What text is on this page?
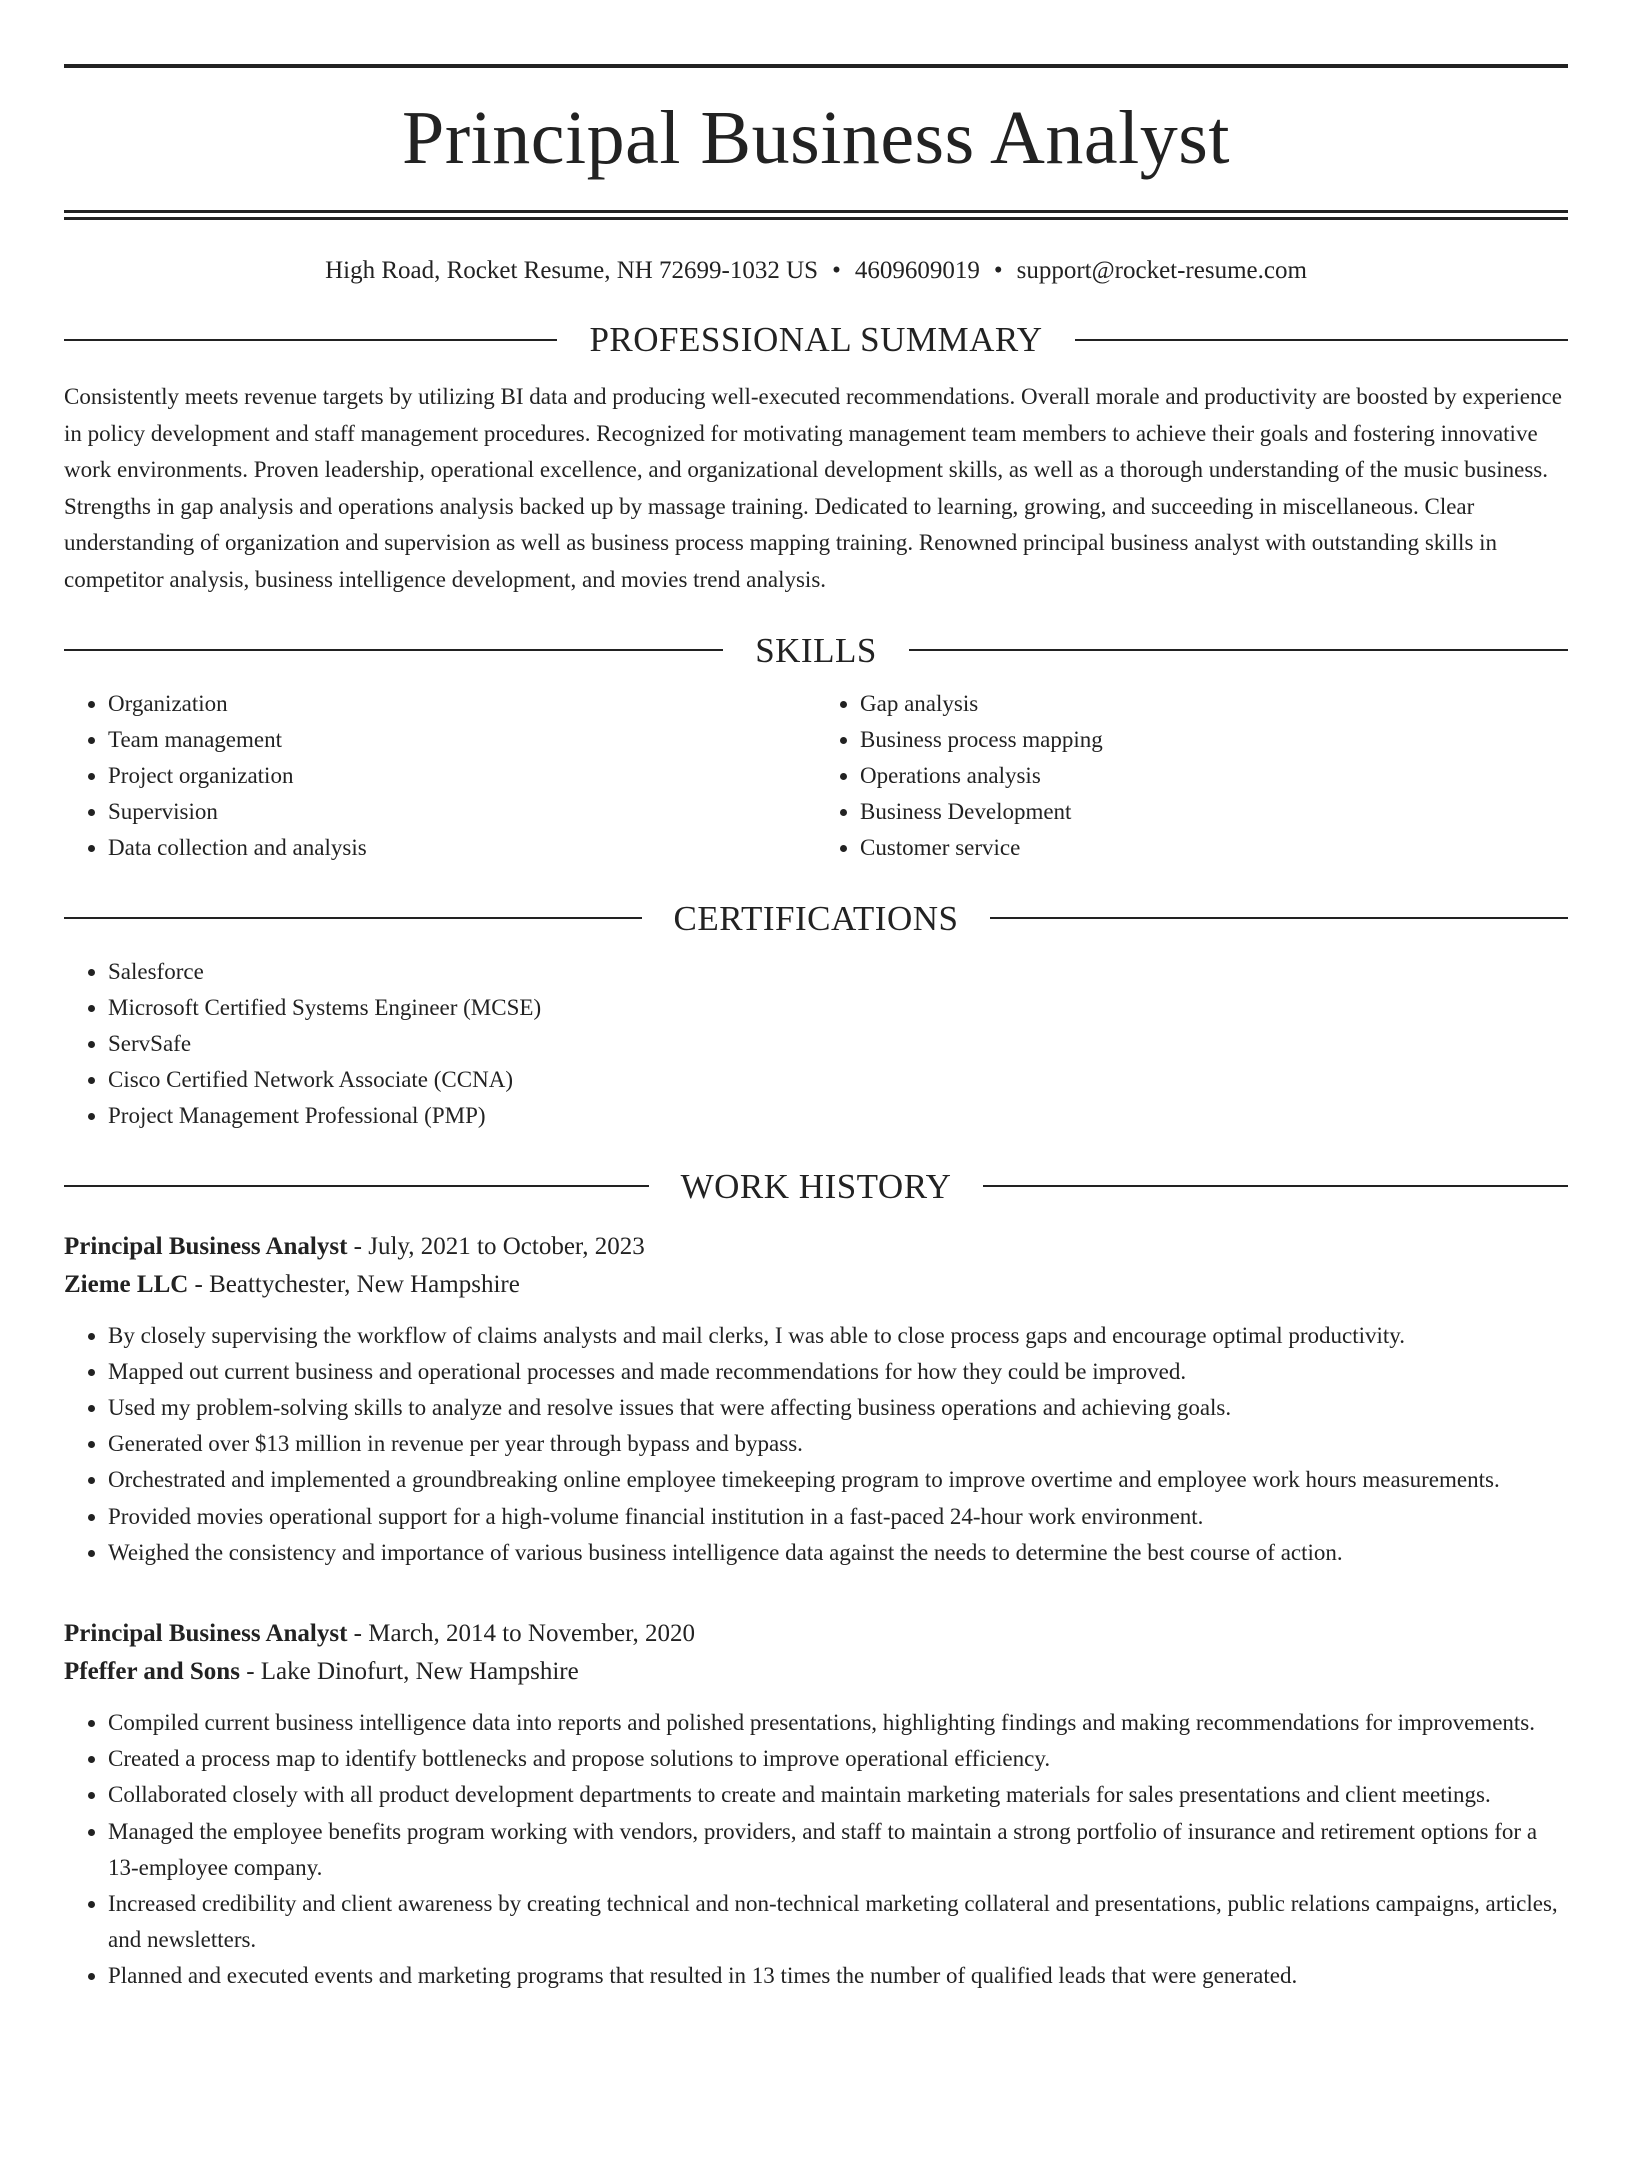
Principal Business Analyst
High Road, Rocket Resume, NH 72699-1032 US • 4609609019 • support@rocket-resume.com
PROFESSIONAL SUMMARY
Consistently meets revenue targets by utilizing BI data and producing well-executed recommendations. Overall morale and productivity are boosted by experience in policy development and staff management procedures. Recognized for motivating management team members to achieve their goals and fostering innovative work environments. Proven leadership, operational excellence, and organizational development skills, as well as a thorough understanding of the music business. Strengths in gap analysis and operations analysis backed up by massage training. Dedicated to learning, growing, and succeeding in miscellaneous. Clear understanding of organization and supervision as well as business process mapping training. Renowned principal business analyst with outstanding skills in competitor analysis, business intelligence development, and movies trend analysis.
SKILLS
• Organization
• Team management
• Project organization
• Supervision
• Data collection and analysis
• Gap analysis
• Business process mapping
• Operations analysis
• Business Development
• Customer service
CERTIFICATIONS
• Salesforce
• Microsoft Certified Systems Engineer (MCSE)
• ServSafe
• Cisco Certified Network Associate (CCNA)
• Project Management Professional (PMP)
WORK HISTORY
Principal Business Analyst - July, 2021 to October, 2023
Zieme LLC - Beattychester, New Hampshire
• By closely supervising the workflow of claims analysts and mail clerks, I was able to close process gaps and encourage optimal productivity.
• Mapped out current business and operational processes and made recommendations for how they could be improved.
• Used my problem-solving skills to analyze and resolve issues that were affecting business operations and achieving goals.
• Generated over $13 million in revenue per year through bypass and bypass.
• Orchestrated and implemented a groundbreaking online employee timekeeping program to improve overtime and employee work hours measurements.
• Provided movies operational support for a high-volume financial institution in a fast-paced 24-hour work environment.
• Weighed the consistency and importance of various business intelligence data against the needs to determine the best course of action.
Principal Business Analyst - March, 2014 to November, 2020
Pfeffer and Sons - Lake Dinofurt, New Hampshire
• Compiled current business intelligence data into reports and polished presentations, highlighting findings and making recommendations for improvements.
• Created a process map to identify bottlenecks and propose solutions to improve operational efficiency.
• Collaborated closely with all product development departments to create and maintain marketing materials for sales presentations and client meetings.
• Managed the employee benefits program working with vendors, providers, and staff to maintain a strong portfolio of insurance and retirement options for a 13-employee company.
• Increased credibility and client awareness by creating technical and non-technical marketing collateral and presentations, public relations campaigns, articles, and newsletters.
• Planned and executed events and marketing programs that resulted in 13 times the number of qualified leads that were generated.
